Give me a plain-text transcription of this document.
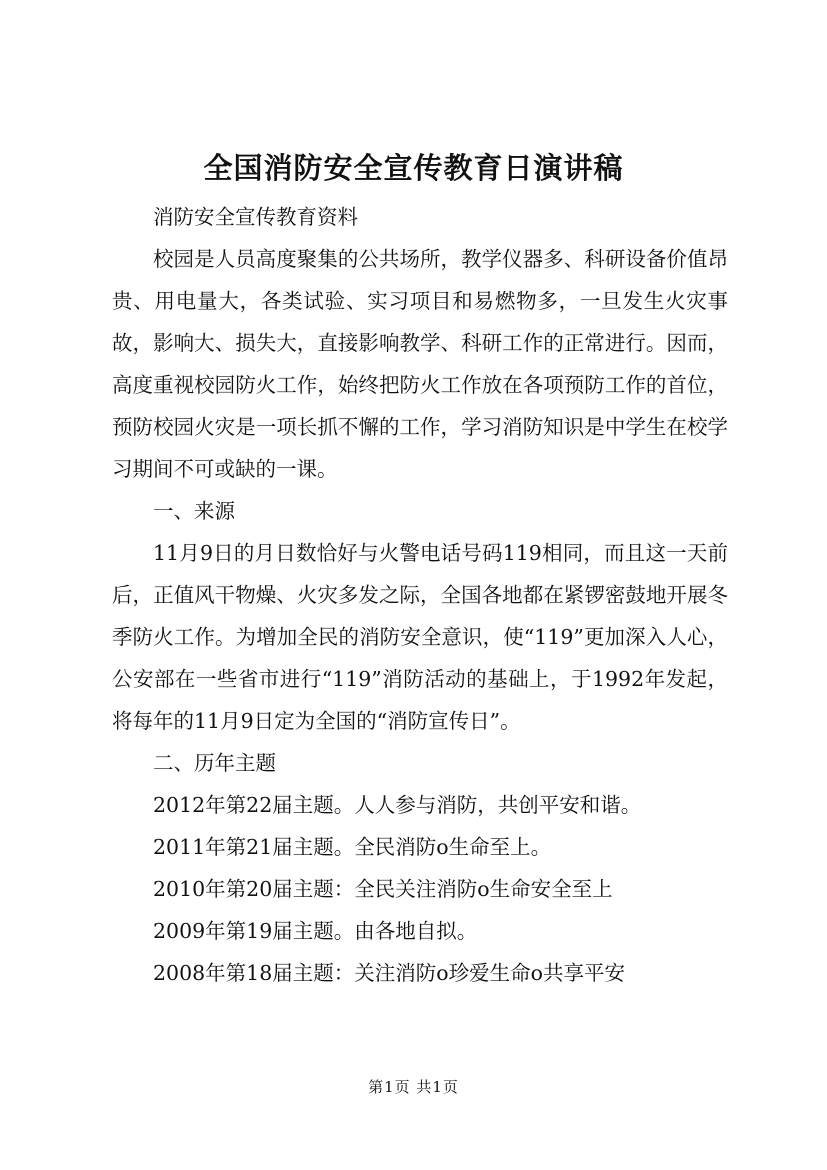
全国消防安全宣传教育日演讲稿

消防安全宣传教育资料

校园是人员高度聚集的公共场所，教学仪器多、科研设备价值昂贵、用电量大，各类试验、实习项目和易燃物多，一旦发生火灾事故，影响大、损失大，直接影响教学、科研工作的正常进行。因而，高度重视校园防火工作，始终把防火工作放在各项预防工作的首位，预防校园火灾是一项长抓不懈的工作，学习消防知识是中学生在校学习期间不可或缺的一课。

一、来源

11月9日的月日数恰好与火警电话号码119相同，而且这一天前后，正值风干物燥、火灾多发之际，全国各地都在紧锣密鼓地开展冬季防火工作。为增加全民的消防安全意识，使“119”更加深入人心，公安部在一些省市进行“119”消防活动的基础上，于1992年发起，将每年的11月9日定为全国的“消防宣传日”。

二、历年主题

2012年第22届主题。人人参与消防，共创平安和谐。

2011年第21届主题。全民消防o生命至上。

2010年第20届主题：全民关注消防o生命安全至上

2009年第19届主题。由各地自拟。

2008年第18届主题：关注消防o珍爱生命o共享平安

第1页 共1页
